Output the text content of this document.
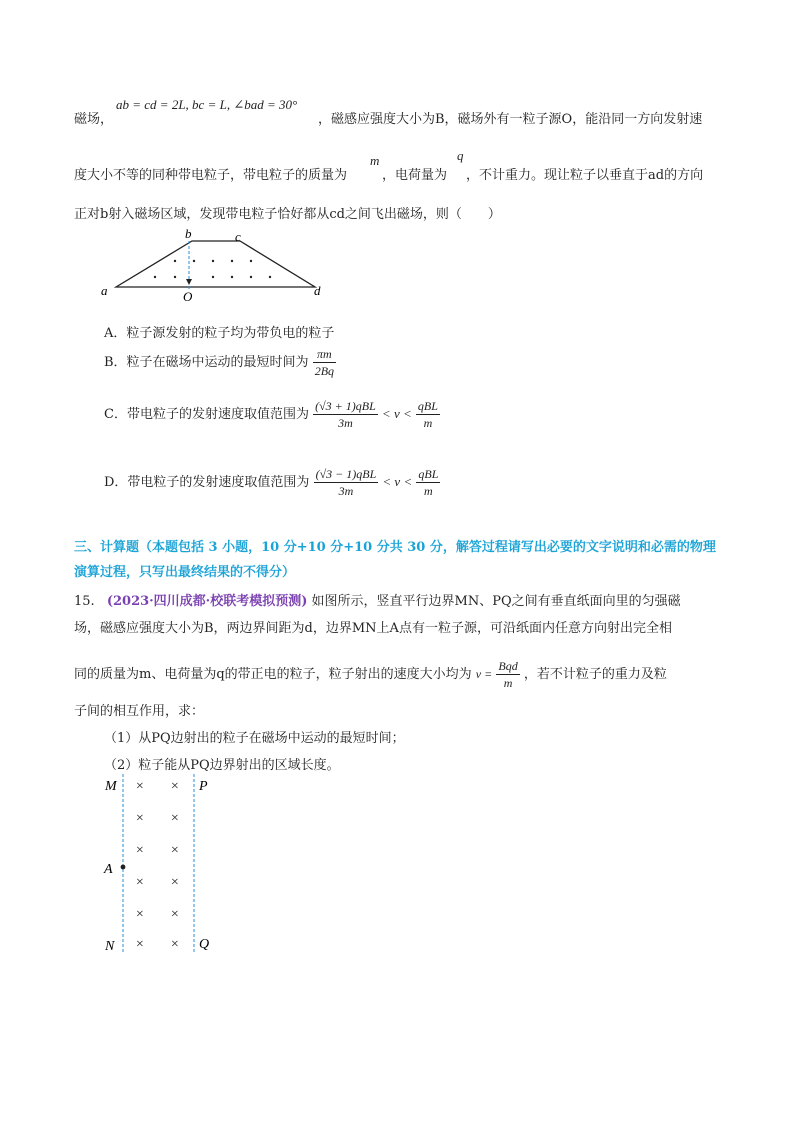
磁场，
ab = cd = 2L, bc = L, ∠bad = 30°
，磁感应强度大小为B，磁场外有一粒子源O，能沿同一方向发射速
度大小不等的同种带电粒子，带电粒子的质量为
m
，电荷量为
q
，不计重力。现让粒子以垂直于ad的方向
正对b射入磁场区域，发现带电粒子恰好都从cd之间飞出磁场，则（　　）
a
b	c
d
O
A．粒子源发射的粒子均为带负电的粒子
B．粒子在磁场中运动的最短时间为 $\frac{\pi m}{2Bq}$
C．带电粒子的发射速度取值范围为 $\frac{\text{(√3 + 1)qBL}}{3m} < v < \frac{\text{qBL}}{m}$
D．带电粒子的发射速度取值范围为 $\frac{\text{(√3 − 1)qBL}}{3m} < v < \frac{\text{qBL}}{m}$
三、计算题（本题包括 3 小题，10 分+10 分+10 分共 30 分，解答过程请写出必要的文字说明和必需的物理
演算过程，只写出最终结果的不得分）
15. (2023·四川成都·校联考模拟预测) 如图所示，竖直平行边界MN、PQ之间有垂直纸面向里的匀强磁
场，磁感应强度大小为B，两边界间距为d，边界MN上A点有一粒子源，可沿纸面内任意方向射出完全相
同的质量为m、电荷量为q的带正电的粒子，粒子射出的速度大小均为 $v = \frac{\text{Bqd}}{m}$ ，若不计粒子的重力及粒
子间的相互作用，求：
（1）从PQ边射出的粒子在磁场中运动的最短时间；
（2）粒子能从PQ边界射出的区域长度。
M	P
A
N	Q
× ×
× ×
× ×
× ×
× ×
× ×
